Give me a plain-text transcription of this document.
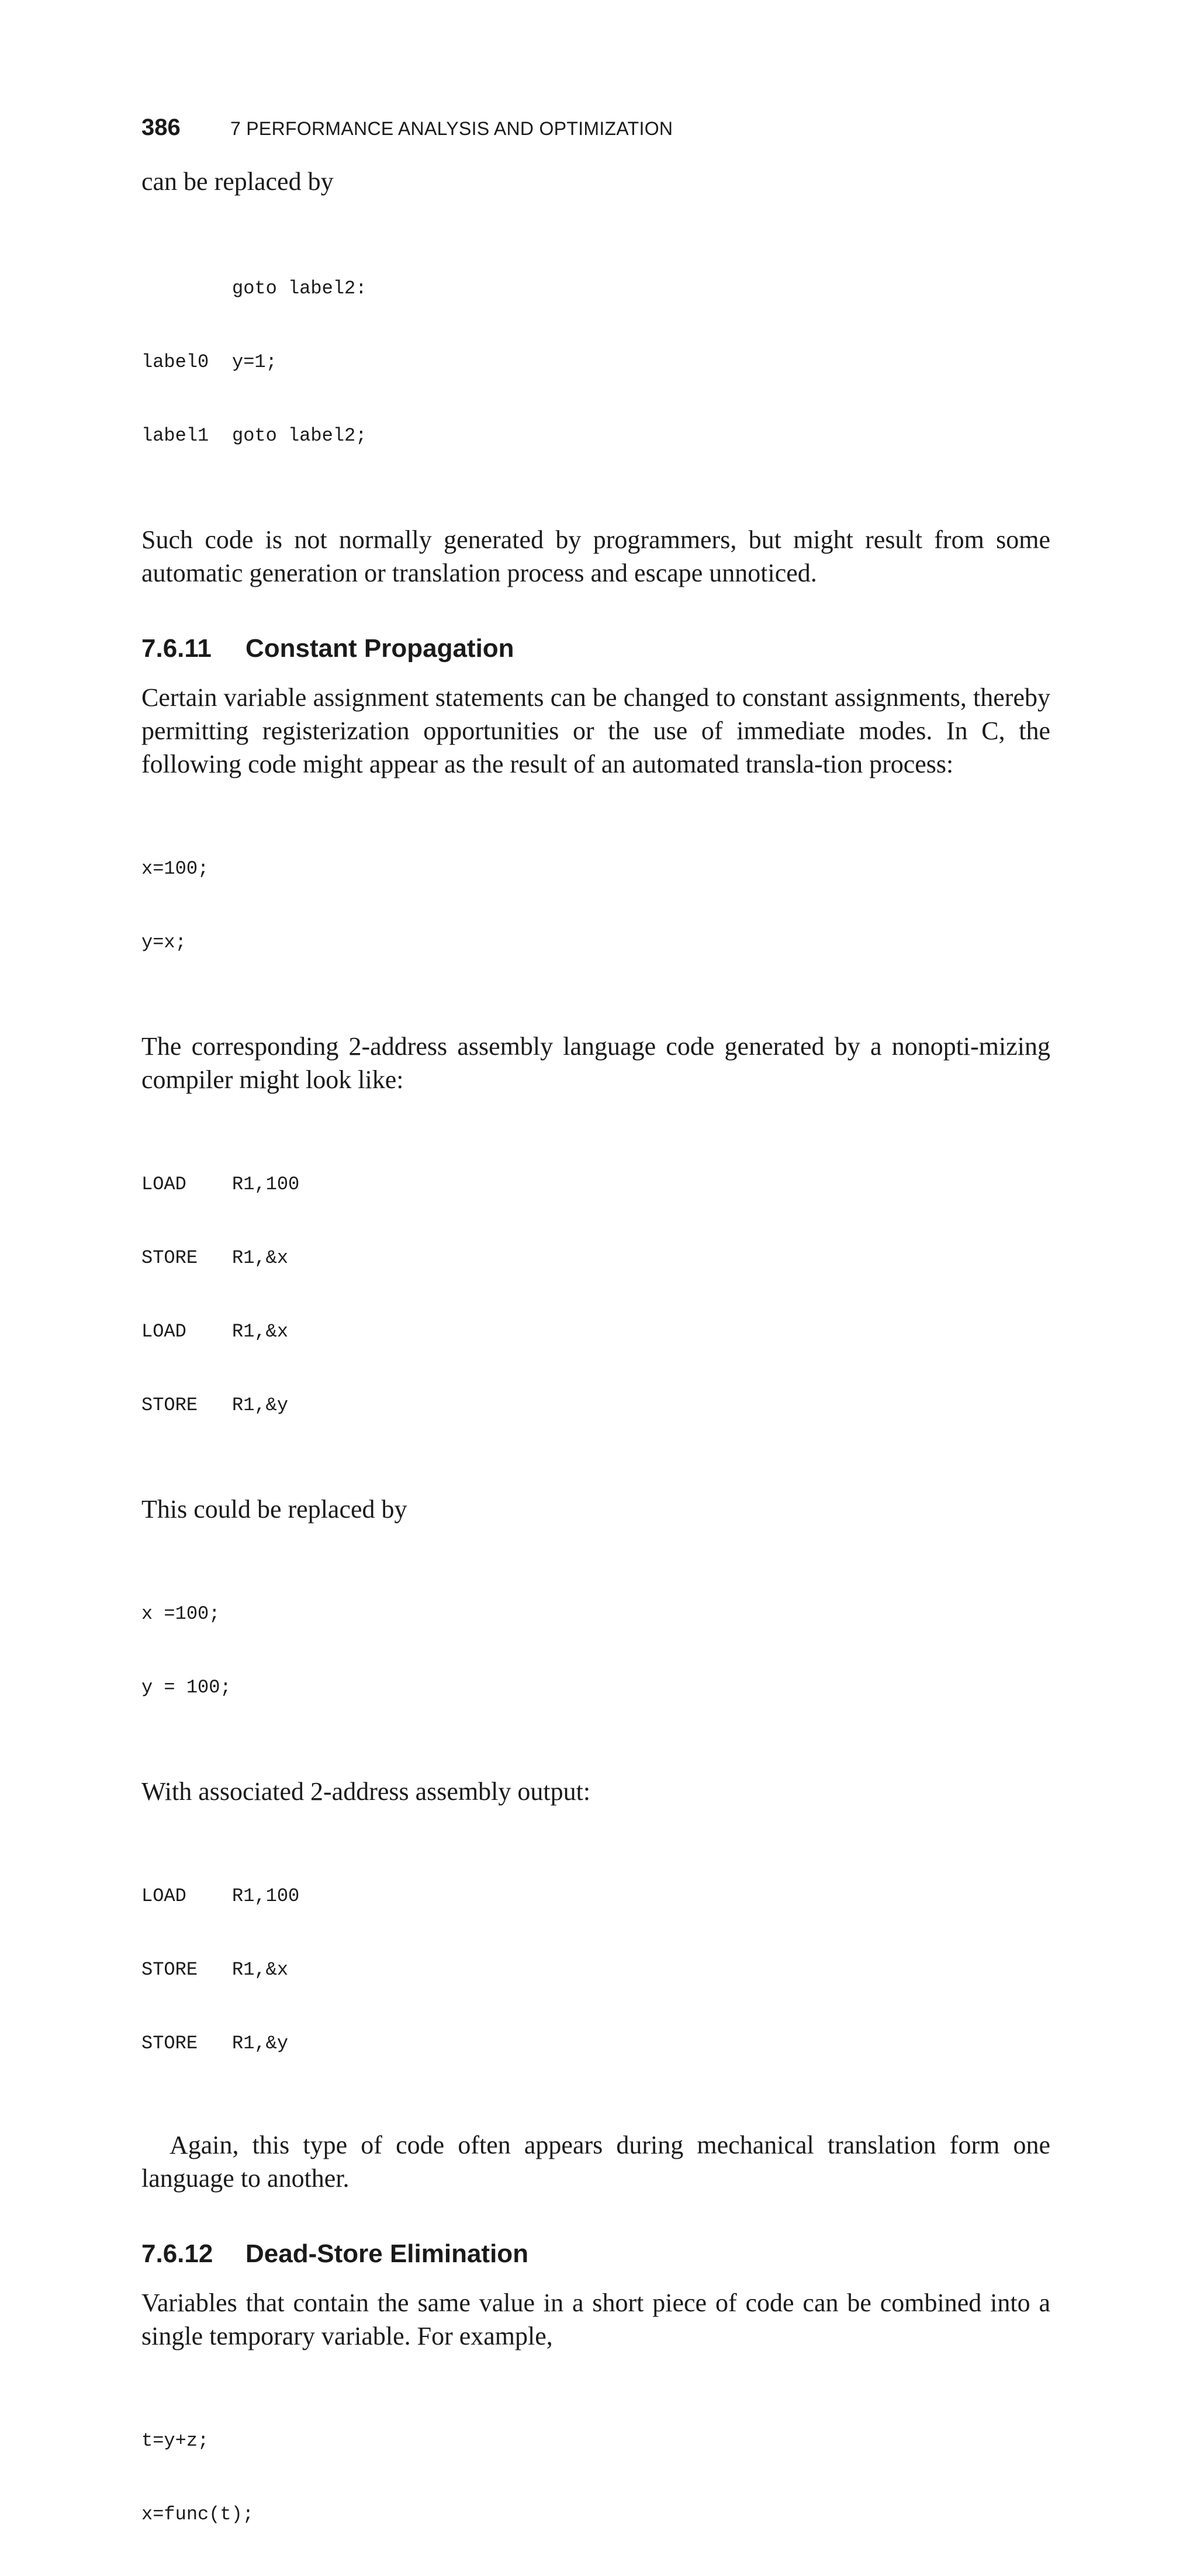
386	7 PERFORMANCE ANALYSIS AND OPTIMIZATION

can be replaced by

goto label2:

label0	y=1;

label1	goto label2;

Such code is not normally generated by programmers, but might result from some automatic generation or translation process and escape unnoticed.

7.6.11	Constant Propagation

Certain variable assignment statements can be changed to constant assignments, thereby permitting registerization opportunities or the use of immediate modes. In C, the following code might appear as the result of an automated transla-tion process:

x=100;

y=x;

The corresponding 2-address assembly language code generated by a nonopti-mizing compiler might look like:

LOAD	R1,100

STORE	R1,&x

LOAD	R1,&x

STORE	R1,&y

This could be replaced by

x =100;

y = 100;

With associated 2-address assembly output:

LOAD	R1,100

STORE	R1,&x

STORE	R1,&y

Again, this type of code often appears during mechanical translation form one language to another.

7.6.12	Dead-Store Elimination

Variables that contain the same value in a short piece of code can be combined into a single temporary variable. For example,

t=y+z;

x=func(t);
